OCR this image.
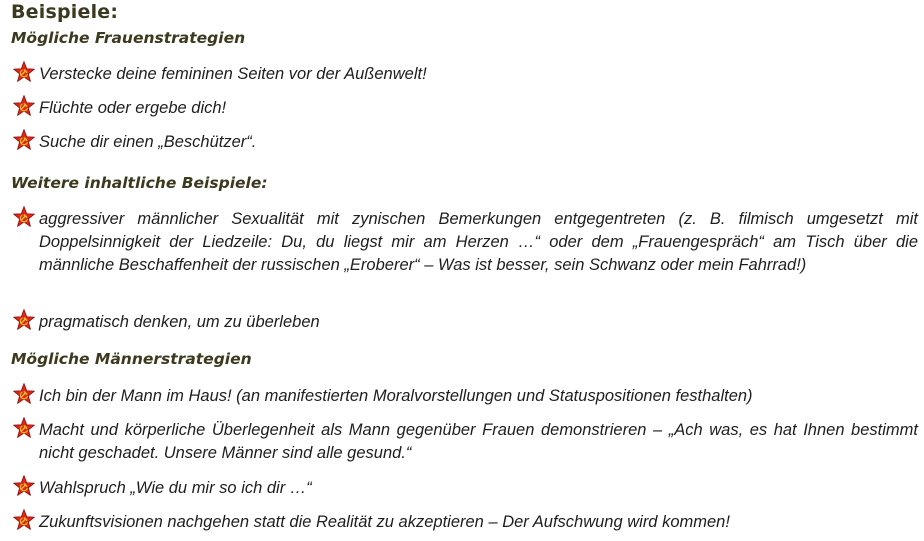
Beispiele:
Mögliche Frauenstrategien
Verstecke deine femininen Seiten vor der Außenwelt!
Flüchte oder ergebe dich!
Suche dir einen „Beschützer“.
Weitere inhaltliche Beispiele:
aggressiver männlicher Sexualität mit zynischen Bemerkungen entgegentreten (z. B. filmisch umgesetzt mit Doppelsinnigkeit der Liedzeile: Du, du liegst mir am Herzen …“ oder dem „Frauengespräch“ am Tisch über die männliche Beschaffenheit der russischen „Eroberer“ – Was ist besser, sein Schwanz oder mein Fahrrad!)
pragmatisch denken, um zu überleben
Mögliche Männerstrategien
Ich bin der Mann im Haus! (an manifestierten Moralvorstellungen und Statuspositionen festhalten)
Macht und körperliche Überlegenheit als Mann gegenüber Frauen demonstrieren – „Ach was, es hat Ihnen bestimmt nicht geschadet. Unsere Männer sind alle gesund.“
Wahlspruch „Wie du mir so ich dir …“
Zukunftsvisionen nachgehen statt die Realität zu akzeptieren – Der Aufschwung wird kommen!
